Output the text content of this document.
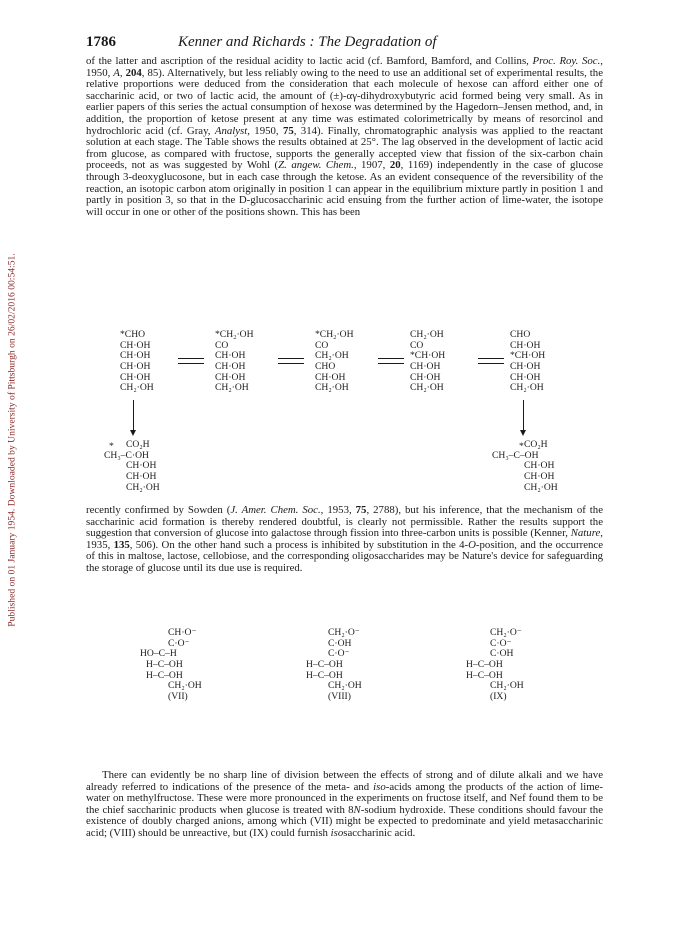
Published on 01 January 1954. Downloaded by University of Pittsburgh on 26/02/2016 00:54:51.
1786	Kenner and Richards : The Degradation of

of the latter and ascription of the residual acidity to lactic acid (cf. Bamford, Bamford, and Collins, Proc. Roy. Soc., 1950, A, 204, 85). Alternatively, but less reliably owing to the need to use an additional set of experimental results, the relative proportions were deduced from the consideration that each molecule of hexose can afford either one of saccharinic acid, or two of lactic acid, the amount of (±)-αγ-dihydroxybutyric acid formed being very small. As in earlier papers of this series the actual consumption of hexose was determined by the Hagedorn–Jensen method, and, in addition, the proportion of ketose present at any time was estimated colorimetrically by means of resorcinol and hydrochloric acid (cf. Gray, Analyst, 1950, 75, 314). Finally, chromatographic analysis was applied to the reactant solution at each stage. The Table shows the results obtained at 25°. The lag observed in the development of lactic acid from glucose, as compared with fructose, supports the generally accepted view that fission of the six-carbon chain proceeds, not as was suggested by Wohl (Z. angew. Chem., 1907, 20, 1169) independently in the case of glucose through 3-deoxyglucosone, but in each case through the ketose. As an evident consequence of the reversibility of the reaction, an isotopic carbon atom originally in position 1 can appear in the equilibrium mixture partly in position 1 and partly in position 3, so that in the D-glucosaccharinic acid ensuing from the further action of lime-water, the isotope will occur in one or other of the positions shown. This has been

*CHO
CH·OH
CH·OH
CH·OH
CH·OH
CH₂·OH
*CH₂·OH
CO
CH·OH
CH·OH
CH·OH
CH₂·OH
*CH₂·OH
CO
CH₂·OH
CHO
CH·OH
CH₂·OH
CH₂·OH
CO
*CH·OH
CH·OH
CH·OH
CH₂·OH
CHO
CH·OH
*CH·OH
CH·OH
CH·OH
CH₂·OH
*	CO₂H
CH₃–C·OH
CH·OH
CH·OH
CH₂·OH
* CO₂H
CH₃–C–OH
CH·OH
CH·OH
CH₂·OH

recently confirmed by Sowden (J. Amer. Chem. Soc., 1953, 75, 2788), but his inference, that the mechanism of the saccharinic acid formation is thereby rendered doubtful, is clearly not permissible. Rather the results support the suggestion that conversion of glucose into galactose through fission into three-carbon units is possible (Kenner, Nature, 1935, 135, 506). On the other hand such a process is inhibited by substitution in the 4-O-position, and the occurrence of this in maltose, lactose, cellobiose, and the corresponding oligosaccharides may be Nature's device for safeguarding the storage of glucose until its due use is required.

CH·O⁻
C·O⁻
HO–C–H
H–C–OH
H–C–OH
CH₂·OH
(VII)
CH₂·O⁻
C·OH
C·O⁻
H–C–OH
H–C–OH
CH₂·OH
(VIII)
CH₂·O⁻
C·O⁻
C·OH
H–C–OH
H–C–OH
CH₂·OH
(IX)

There can evidently be no sharp line of division between the effects of strong and of dilute alkali and we have already referred to indications of the presence of the meta- and iso-acids among the products of the action of lime-water on methylfructose. These were more pronounced in the experiments on fructose itself, and Nef found them to be the chief saccharinic products when glucose is treated with 8N-sodium hydroxide. These conditions should favour the existence of doubly charged anions, among which (VII) might be expected to predominate and yield metasaccharinic acid; (VIII) should be unreactive, but (IX) could furnish isosaccharinic acid.
